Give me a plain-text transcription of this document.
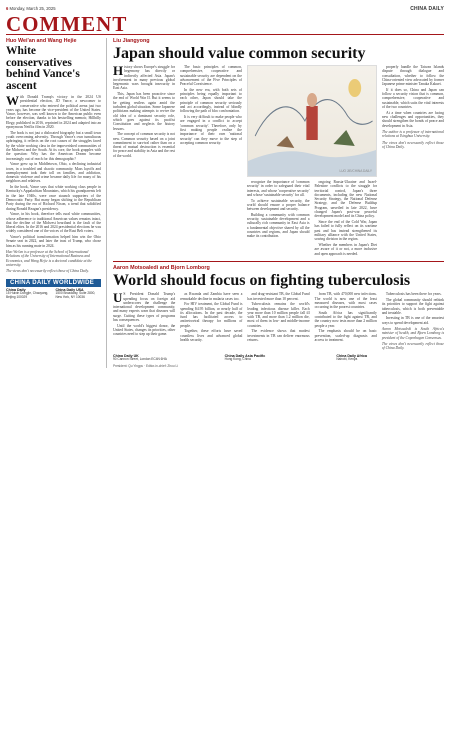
6 Monday, March 25, 2025	CHINA DAILY
COMMENT
Huo Wei'an and Wang Hejie
White conservatives behind Vance's ascent

With Donald Trump's victory in the 2024 US presidential election, JD Vance, a newcomer to conservative who entered the political arena just two years ago, has become the vice-president of the United States. Vance, however, was well known to the American public even before the election, thanks to his bestselling memoir, Hillbilly Elegy, published in 2016, reprinted in 2024 and adapted into an eponymous Netflix film in 2020.

The book is not just a dislocated biography but a small town youth overcoming adversity. Through Vance's own tumultuous upbringing, it reflects on the root causes of the struggles faced by the white working class in the impoverished communities of the Midwest and the South. At its core, the book grapples with the question: Why has the American Dream become increasingly out of reach for this demographic?

Vance grew up in Middletown, Ohio, a declining industrial town, in a troubled and chaotic community. Mass layoffs and unemployment took their toll on families, and addiction, domestic violence and crime became daily life for many of his neighbors and relatives.

In the book, Vance says that white working class people in Kentucky's Appalachian Mountains, which his grandparents left in the late 1940s, were once staunch supporters of the Democratic Party. But many began shifting to the Republican Party during the era of Richard Nixon, a trend that solidified during Ronald Reagan's presidency.

Vance, in his book, therefore tells rural white communities, whose adherence to traditional American values remains intact, that the decline of the Midwest heartland is the fault of the liberal elites. In the 2016 and 2024 presidential elections he was widely considered one of the voices of the Rust Belt voters.

Vance's political transformation helped him win the Ohio Senate seat in 2022, and later the trust of Trump, who chose him as his running mate in 2024.

Huo Wei'an is a professor at the School of International Relations of the University of International Business and Economics, and Wang Hejie is a doctoral candidate at the university.
The views don't necessarily reflect those of China Daily.
CHINA DAILY WORLDWIDE
China Daily
15 Huixin Dongjie, Chaoyang, Beijing 100029
China Daily USA
1500 Broadway, Suite 2800, New York, NY 10036
Liu Jiangyong
Japan should value common security

History shows Europe's struggle for hegemony has directly or indirectly affected Asia. Japan's involvement in many previous global hegemonic wars brought insecurity in East Asia.

This, Japan has been proactive since the end of World War II. But it seems to be getting restless again amid the turbulent global situation. Some Japanese politicians making attempts to revive the old idea of a dominant security role, which goes against its pacifist Constitution and neglects the history lessons.

The concept of common security is not new. Common security based on a joint commitment to survival rather than on a threat of mutual destruction is essential for peace and stability in Asia and the rest of the world.

The basic principles of common, comprehensive, cooperative and sustainable security are dependent on the advancement of the Five Principles of Peaceful Coexistence.

In the new era, with both sets of principles being equally important to each other, Japan should take the principle of common security seriously and act accordingly, instead of blindly following the path of bloc confrontation.

It is very difficult to make people who are engaged in a conflict to accept 'common security'. Therefore, only by first making people realize the importance of their own 'national security' can they move to the step of accepting common security.

LUO JIE/CHINA DAILY

recognize the importance of 'common security' in order to safeguard their vital interests, and whose 'cooperative security' and whose 'sustainable security' for all.

To achieve sustainable security, the world should ensure a proper balance between development and security.

Building a community with common security, sustainable development and a culturally rich community in East Asia is a fundamental objective shared by all the countries and regions, and Japan should make its contribution.

ongoing Russia-Ukraine and Israel-Palestine conflicts to the struggle for territorial control, Japan's three documents, including the new National Security Strategy, the National Defense Strategy, and the Defense Buildup Program, unveiled in late 2022, have changed Japan's post-war peaceful development model and its China policy.

Since the end of the Cold War, Japan has failed to fully reflect on its wartime past and has instead strengthened its military alliance with the United States, sowing division in the region.

Whether the members in Japan's Diet are aware of it or not, a more inclusive and open approach is needed.

properly handle the Taiwan Islands dispute through dialogue and consultation, whether to follow the China-oriented view advocated by former Japanese prime minister Tanaka Kakuei.

If it does so, China and Japan can follow a security vision that is common, comprehensive, cooperative and sustainable, which suits the vital interests of the two countries.

At a time when countries are facing new challenges and opportunities, they should strengthen the bonds of peace and development in Asia.

The author is a professor of international relations at Tsinghua University.
The views don't necessarily reflect those of China Daily.
Aaron Motsoaledi and Bjorn Lomborg
World should focus on fighting tuberculosis

US President Donald Trump's upending focus on foreign aid underscores the challenge the international development community, and many experts warn that diseases will surge. Cutting these types of programs has consequences.

Until the world's biggest donor, the United States, changes its priorities, other countries need to step up their game.

as Rwanda and Zambia have seen a remarkable decline in malaria cases too.

For HIV treatment, the Global Fund is spending $4.95 billion, or nearly half of its allocations. In the past decade, the fund has facilitated access to antiretroviral therapy for millions of people.

Together, these efforts have saved countless lives and advanced global health security.

and drug-resistant TB, the Global Fund has invested more than 10 percent.

Tuberculosis remains the world's leading infectious disease killer. Each year more than 10 million people fall ill with TB, and more than 1.2 million die, most of them in low- and middle-income countries.

The evidence shows that modest investments in TB can deliver enormous returns.

from TB, with 470,000 new infections. The world is now one of the least measured diseases, with most cases occurring in the poorest countries.

South Africa has significantly contributed to the fight against TB, and the country now tests more than 2 million people a year.

The emphasis should be on basic prevention, scaled-up diagnosis and access to treatment.

Tuberculosis has been there for years.

The global community should rethink its priorities to support the fight against tuberculosis, which is both preventable and treatable.

Investing in TB is one of the smartest ways to spend development aid.

Aaron Motsoaledi is South Africa's minister of health, and Bjorn Lomborg is president of the Copenhagen Consensus.
The views don't necessarily reflect those of China Daily.
China Daily UK
90 Cannon Street, London EC4N 6HA
China Daily Asia Pacific
Hong Kong, China
China Daily Africa
Nairobi, Kenya
President: Qu Yingpu · Editor-in-chief: Zhou Li
